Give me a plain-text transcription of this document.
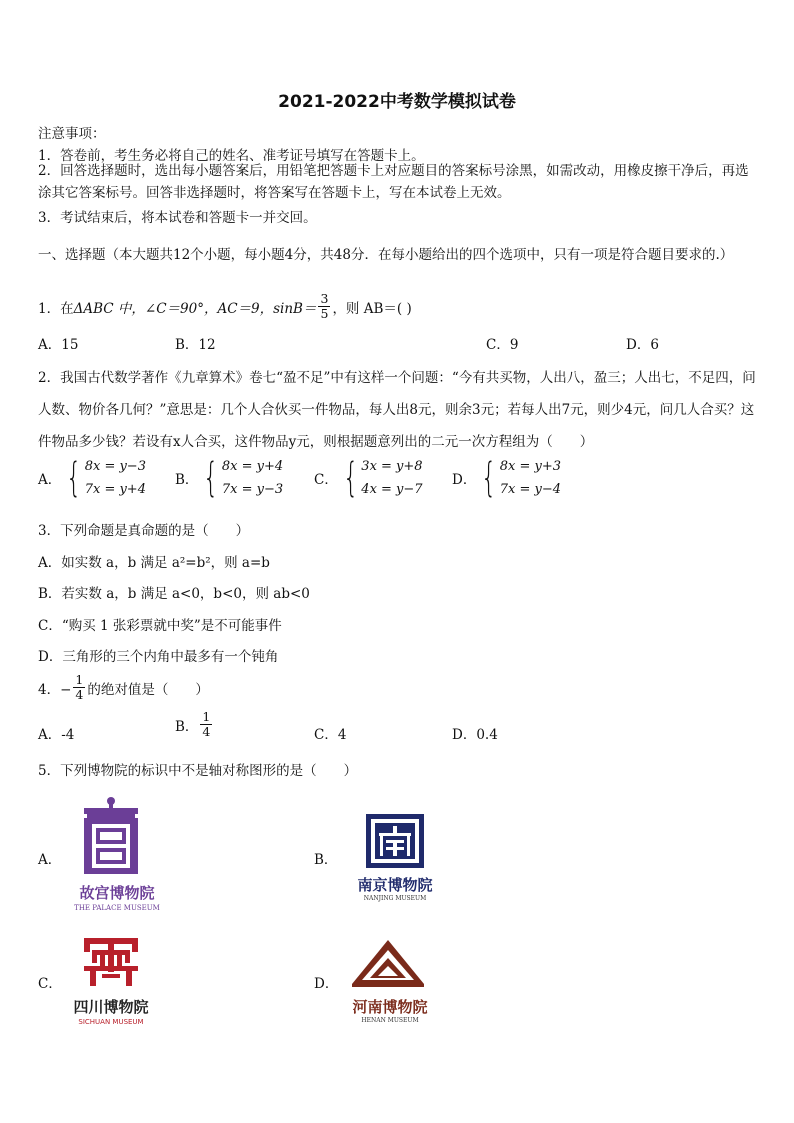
2021-2022中考数学模拟试卷
注意事项：
1．答卷前，考生务必将自己的姓名、准考证号填写在答题卡上。
2．回答选择题时，选出每小题答案后，用铅笔把答题卡上对应题目的答案标号涂黑，如需改动，用橡皮擦干净后，再选涂其它答案标号。回答非选择题时，将答案写在答题卡上，写在本试卷上无效。
3．考试结束后，将本试卷和答题卡一并交回。
一、选择题（本大题共12个小题，每小题4分，共48分．在每小题给出的四个选项中，只有一项是符合题目要求的.）
1．在 ΔABC 中，∠C＝90°，AC＝9，$\sin B= \frac{3}{5}$ ，则 AB＝( )
A．15	B．12	C．9	D．6
2．我国古代数学著作《九章算术》卷七“盈不足”中有这样一个问题：“今有共买物，人出八，盈三；人出七，不足四，问人数、物价各几何？”意思是：几个人合伙买一件物品，每人出8元，则余3元；若每人出7元，则少4元，问几人合买？这件物品多少钱？若设有x人合买，这件物品y元，则根据题意列出的二元一次方程组为（　　）
A． { 8x = y−3
7x = y+4
B． { 8x = y+4
7x = y−3
C． { 3x = y+8
4x = y−7
D． { 8x = y+3
7x = y−4
3．下列命题是真命题的是（　　）
A．如实数 a，b 满足 a²=b²，则 a=b
B．若实数 a，b 满足 a<0，b<0，则 ab<0
C．“购买 1 张彩票就中奖”是不可能事件
D．三角形的三个内角中最多有一个钝角
4．− $\frac{1}{4}$ 的绝对值是（　　）
A．-4
B． $\frac{1}{4}$	C．4	D．0.4
5．下列博物院的标识中不是轴对称图形的是（　　）
A．
故宫博物院
THE PALACE MUSEUM
B．
南京博物院
NANJING MUSEUM
C．
四川博物院
SICHUAN MUSEUM
D．
河南博物院
HENAN MUSEUM
